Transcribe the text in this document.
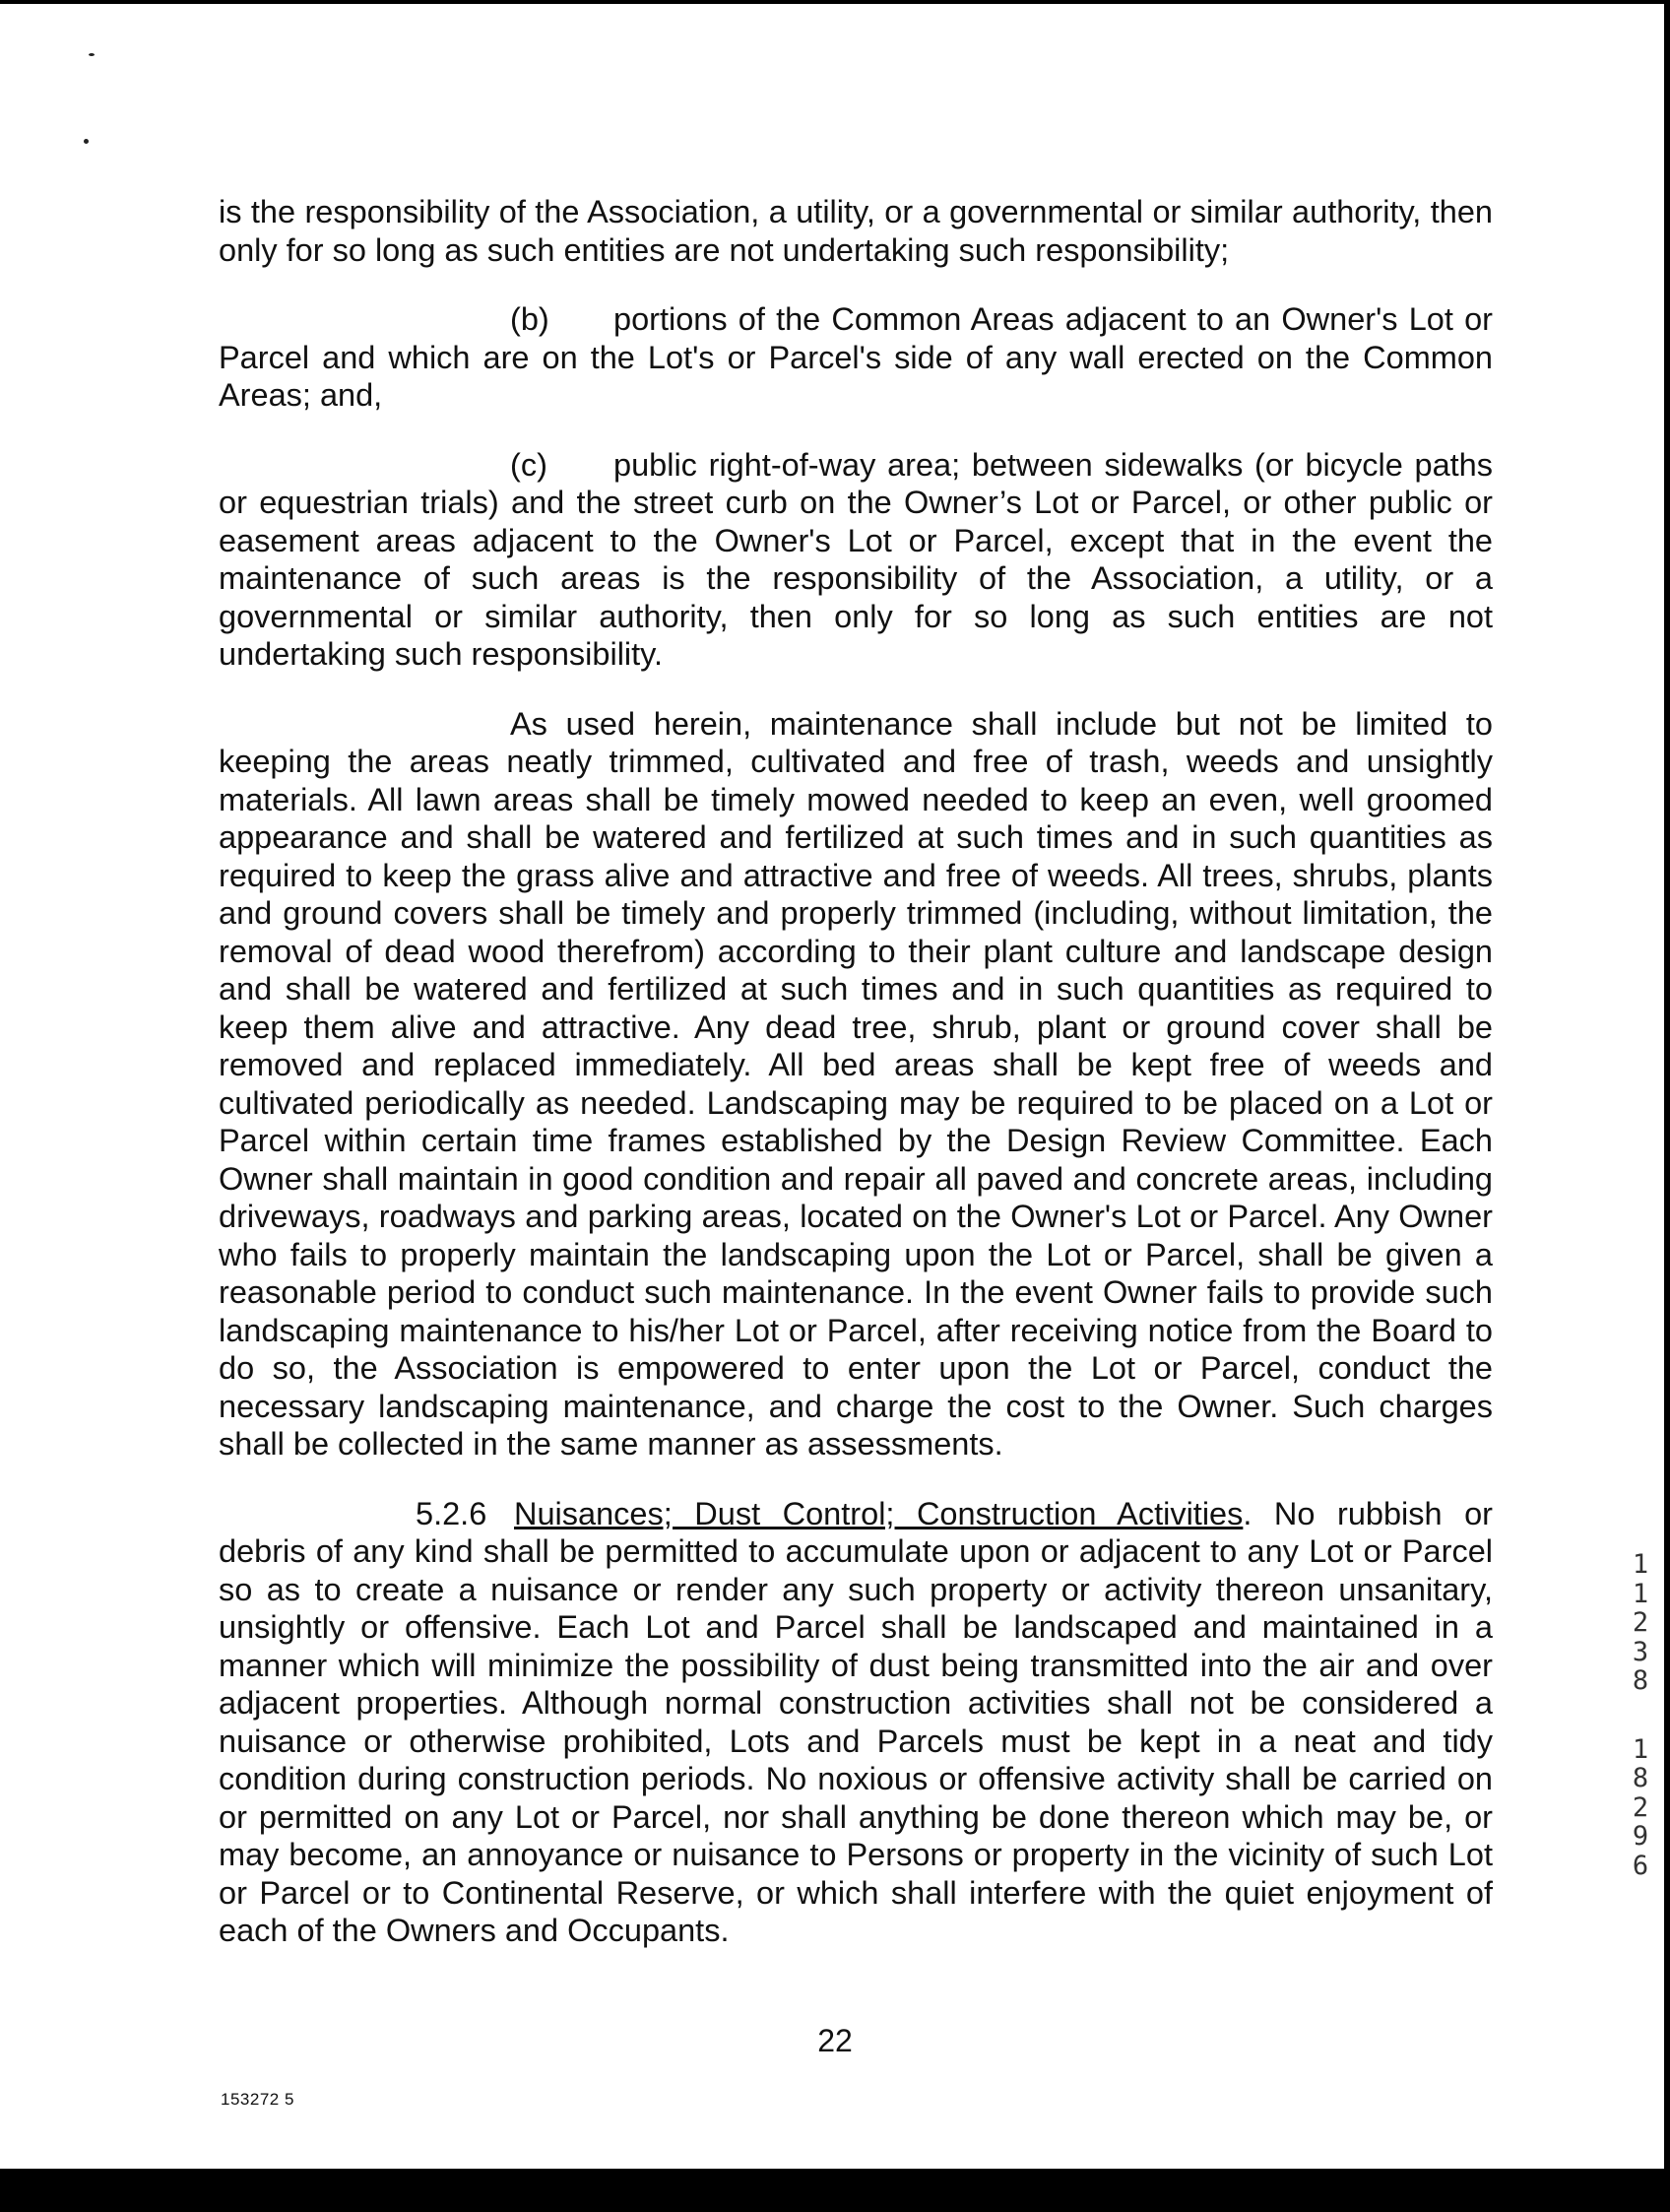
is the responsibility of the Association, a utility, or a governmental or similar authority, then only for so long as such entities are not undertaking such responsibility;

(b) portions of the Common Areas adjacent to an Owner's Lot or Parcel and which are on the Lot's or Parcel's side of any wall erected on the Common Areas; and,

(c) public right-of-way area; between sidewalks (or bicycle paths or equestrian trials) and the street curb on the Owner’s Lot or Parcel, or other public or easement areas adjacent to the Owner's Lot or Parcel, except that in the event the maintenance of such areas is the responsibility of the Association, a utility, or a governmental or similar authority, then only for so long as such entities are not undertaking such responsibility.

As used herein, maintenance shall include but not be limited to keeping the areas neatly trimmed, cultivated and free of trash, weeds and unsightly materials. All lawn areas shall be timely mowed needed to keep an even, well groomed appearance and shall be watered and fertilized at such times and in such quantities as required to keep the grass alive and attractive and free of weeds. All trees, shrubs, plants and ground covers shall be timely and properly trimmed (including, without limitation, the removal of dead wood therefrom) according to their plant culture and landscape design and shall be watered and fertilized at such times and in such quantities as required to keep them alive and attractive. Any dead tree, shrub, plant or ground cover shall be removed and replaced immediately. All bed areas shall be kept free of weeds and cultivated periodically as needed. Landscaping may be required to be placed on a Lot or Parcel within certain time frames established by the Design Review Committee. Each Owner shall maintain in good condition and repair all paved and concrete areas, including driveways, roadways and parking areas, located on the Owner's Lot or Parcel. Any Owner who fails to properly maintain the landscaping upon the Lot or Parcel, shall be given a reasonable period to conduct such maintenance. In the event Owner fails to provide such landscaping maintenance to his/her Lot or Parcel, after receiving notice from the Board to do so, the Association is empowered to enter upon the Lot or Parcel, conduct the necessary landscaping maintenance, and charge the cost to the Owner. Such charges shall be collected in the same manner as assessments.

5.2.6 Nuisances; Dust Control; Construction Activities. No rubbish or debris of any kind shall be permitted to accumulate upon or adjacent to any Lot or Parcel so as to create a nuisance or render any such property or activity thereon unsanitary, unsightly or offensive. Each Lot and Parcel shall be landscaped and maintained in a manner which will minimize the possibility of dust being transmitted into the air and over adjacent properties. Although normal construction activities shall not be considered a nuisance or otherwise prohibited, Lots and Parcels must be kept in a neat and tidy condition during construction periods. No noxious or offensive activity shall be carried on or permitted on any Lot or Parcel, nor shall anything be done thereon which may be, or may become, an annoyance or nuisance to Persons or property in the vicinity of such Lot or Parcel or to Continental Reserve, or which shall interfere with the quiet enjoyment of each of the Owners and Occupants.

1
1
2
3
8
1
8
2
9
6
22
153272 5
